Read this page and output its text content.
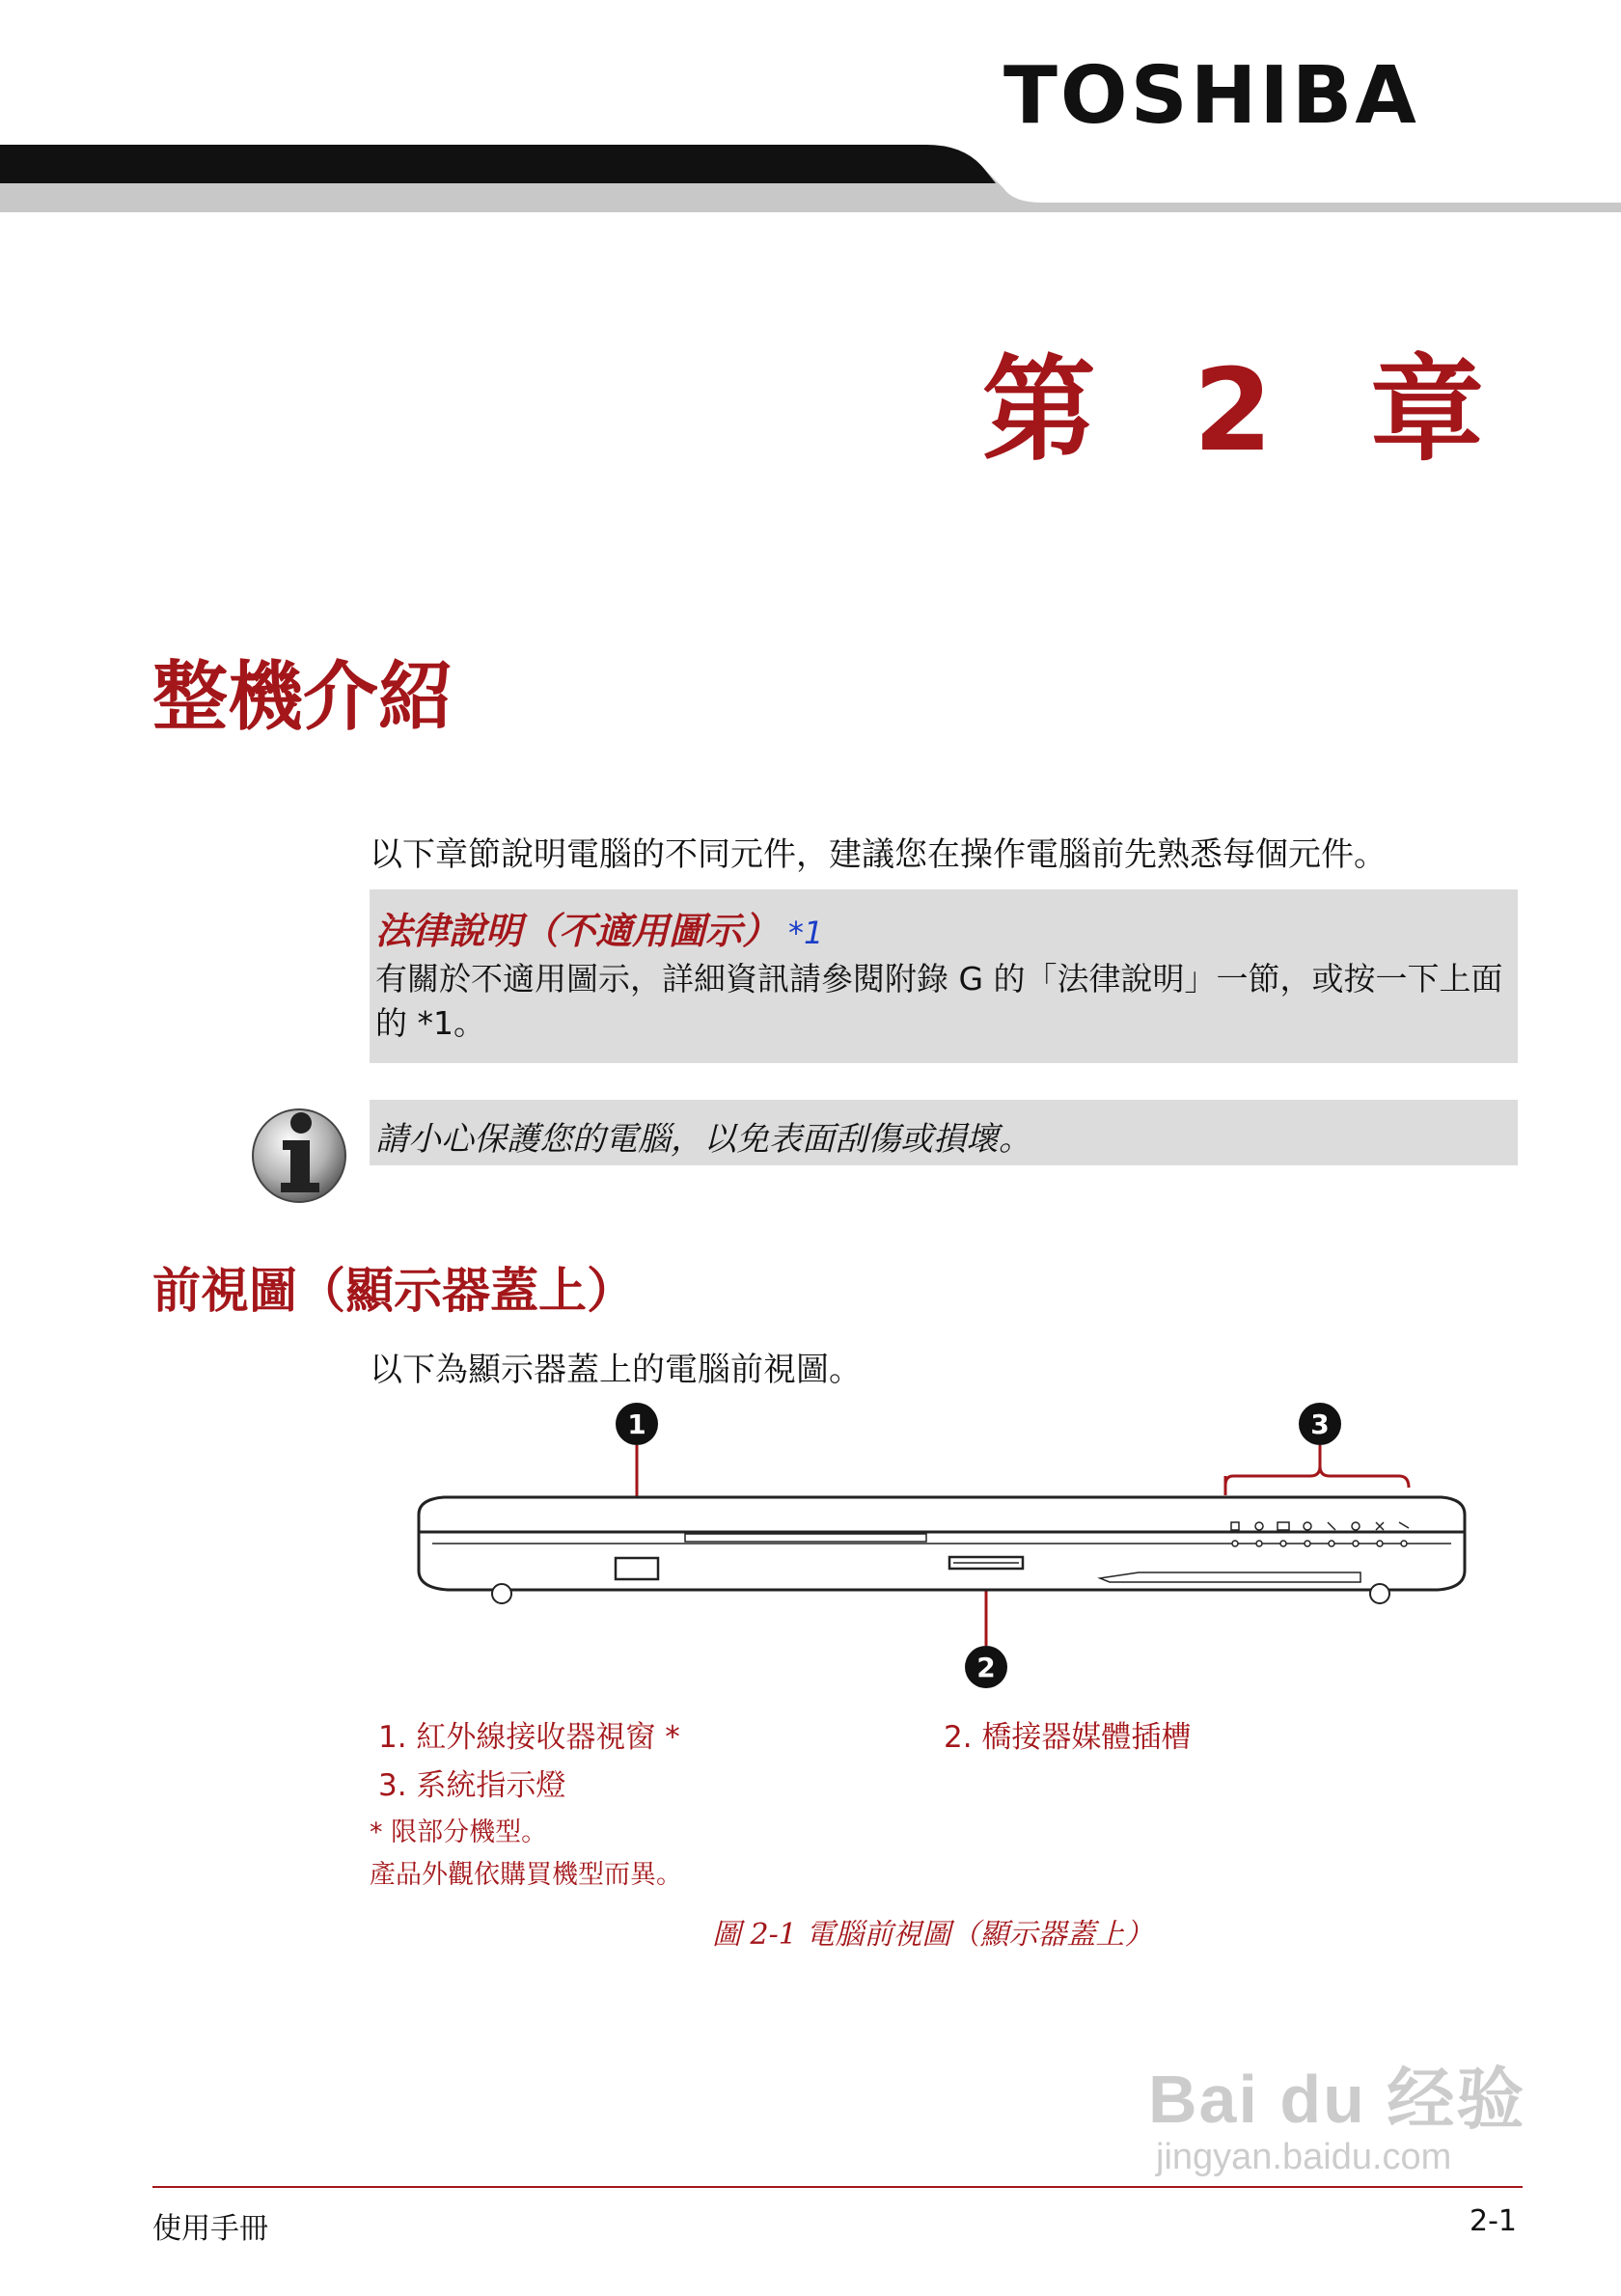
TOSHIBA
第 2 章
整機介紹
以下章節說明電腦的不同元件，建議您在操作電腦前先熟悉每個元件。
法律說明（不適用圖示） *1
有關於不適用圖示，詳細資訊請參閱附錄 G 的「法律說明」一節，或按一下上面的 *1。
請小心保護您的電腦，以免表面刮傷或損壞。
前視圖（顯示器蓋上）
以下為顯示器蓋上的電腦前視圖。
1	3
2
1. 紅外線接收器視窗 *	2. 橋接器媒體插槽
3. 系統指示燈
* 限部分機型。
產品外觀依購買機型而異。
圖 2-1 電腦前視圖（顯示器蓋上）
Bai du 经验
jingyan.baidu.com
使用手冊	2-1
